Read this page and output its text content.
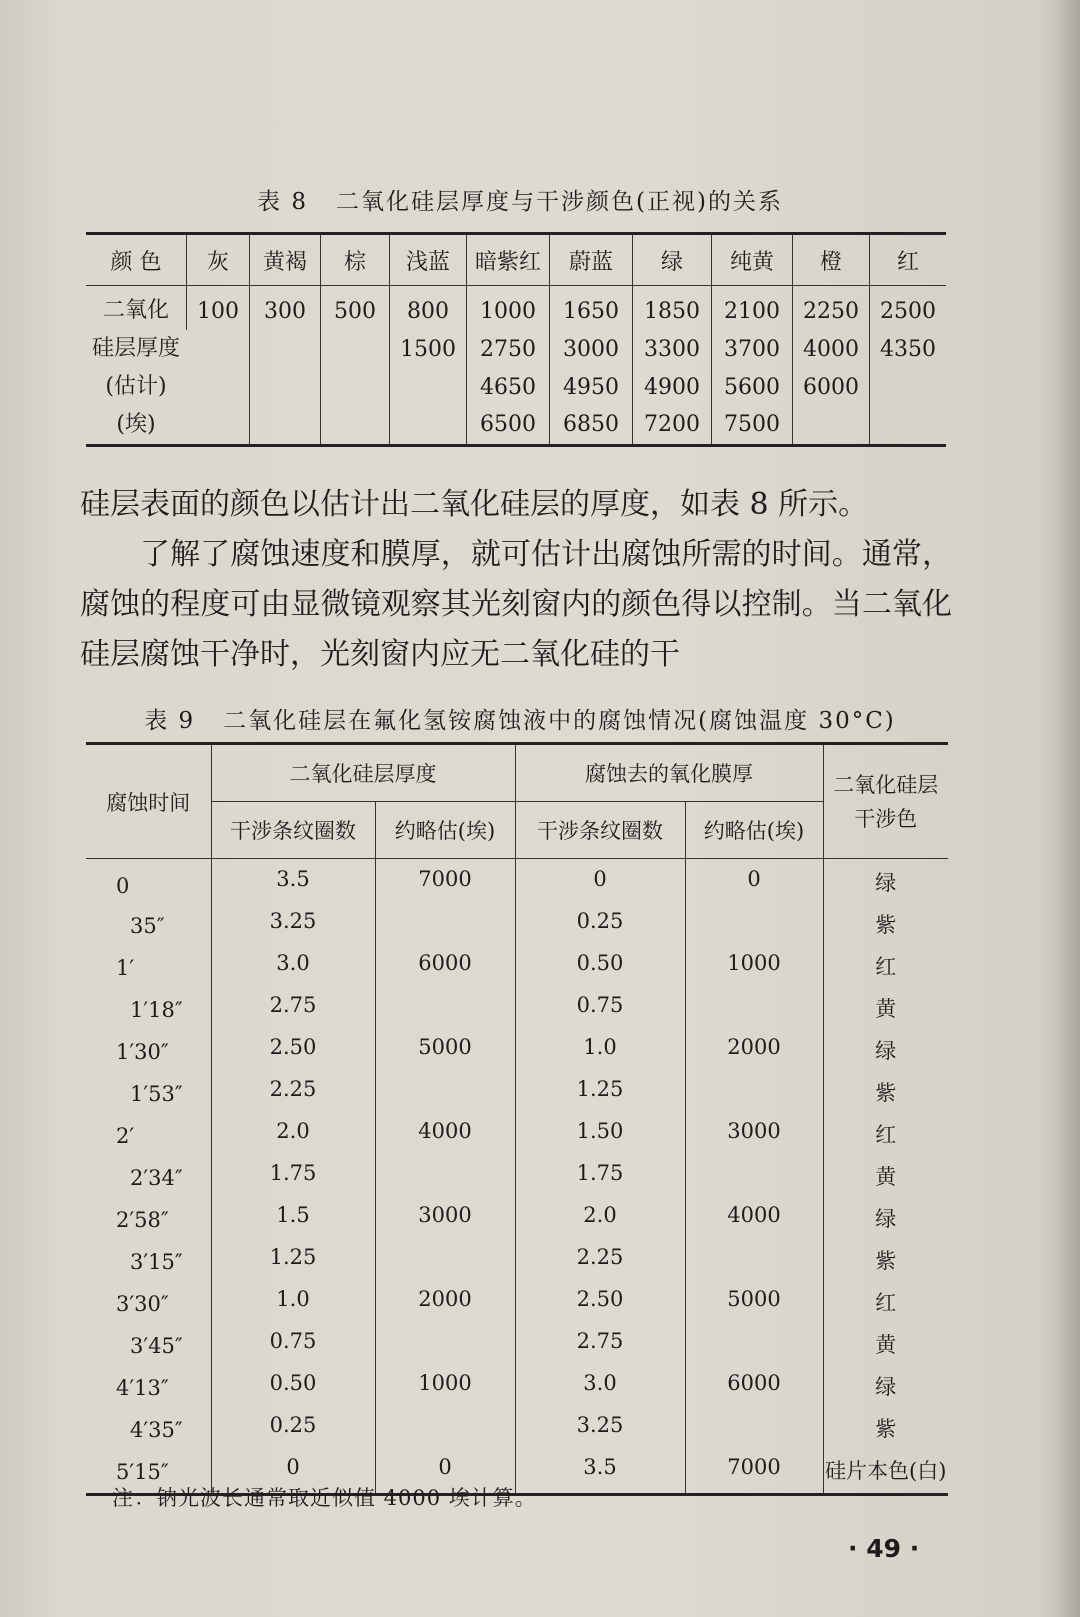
表 8 二氧化硅层厚度与干涉颜色(正视)的关系
颜 色	灰	黄褐	棕	浅蓝	暗紫红	蔚蓝	绿	纯黄	橙	红

二氧化
硅层厚度
(估计)
(埃)	100	300	500	800	1000	1650	1850	2100	2250	2500
				1500	2750	3000	3300	3700	4000	4350
					4650	4950	4900	5600	6000	
					6500	6850	7200	7500		
硅层表面的颜色以估计出二氧化硅层的厚度，如表 8 所示。
了解了腐蚀速度和膜厚，就可估计出腐蚀所需的时间。通常，腐蚀的程度可由显微镜观察其光刻窗内的颜色得以控制。当二氧化硅层腐蚀干净时，光刻窗内应无二氧化硅的干
表 9 二氧化硅层在氟化氢铵腐蚀液中的腐蚀情况(腐蚀温度 30°C)
腐蚀时间	二氧化硅层厚度		腐蚀去的氧化膜厚		二氧化硅层干涉色
	干涉条纹圈数	约略估(埃)	干涉条纹圈数	约略估(埃)	
0	3.5	7000	0	0	绿
35″	3.25		0.25		紫
1′	3.0	6000	0.50	1000	红
1′18″	2.75		0.75		黄
1′30″	2.50	5000	1.0	2000	绿
1′53″	2.25		1.25		紫
2′	2.0	4000	1.50	3000	红
2′34″	1.75		1.75		黄
2′58″	1.5	3000	2.0	4000	绿
3′15″	1.25		2.25		紫
3′30″	1.0	2000	2.50	5000	红
3′45″	0.75		2.75		黄
4′13″	0.50	1000	3.0	6000	绿
4′35″	0.25		3.25		紫
5′15″	0	0	3.5	7000	硅片本色(白)
注：钠光波长通常取近似值 4000 埃计算。
· 49 ·
